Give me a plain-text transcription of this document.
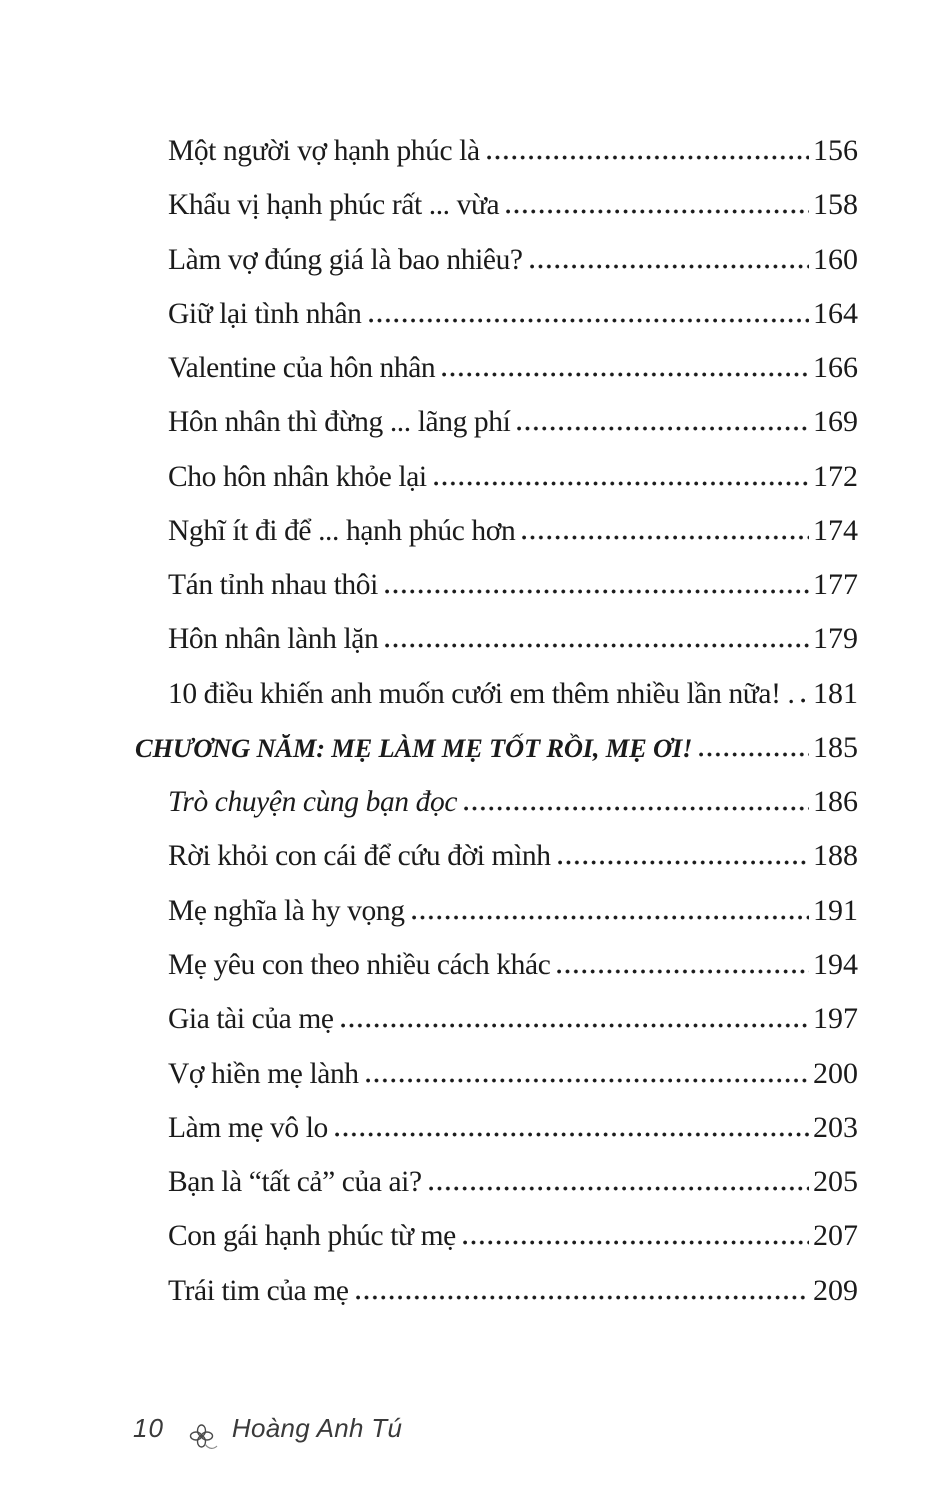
Một người vợ hạnh phúc là	156
Khẩu vị hạnh phúc rất ... vừa	158
Làm vợ đúng giá là bao nhiêu?	160
Giữ lại tình nhân	164
Valentine của hôn nhân	166
Hôn nhân thì đừng ... lãng phí	169
Cho hôn nhân khỏe lại	172
Nghĩ ít đi để ... hạnh phúc hơn	174
Tán tỉnh nhau thôi	177
Hôn nhân lành lặn	179
10 điều khiến anh muốn cưới em thêm nhiều lần nữa! . 181
CHƯƠNG NĂM: MẸ LÀM MẸ TỐT RỒI, MẸ ƠI!	185
Trò chuyện cùng bạn đọc	186
Rời khỏi con cái để cứu đời mình	188
Mẹ nghĩa là hy vọng	191
Mẹ yêu con theo nhiều cách khác	194
Gia tài của mẹ	197
Vợ hiền mẹ lành	200
Làm mẹ vô lo	203
Bạn là “tất cả” của ai?	205
Con gái hạnh phúc từ mẹ	207
Trái tim của mẹ	209
10	Hoàng Anh Tú
